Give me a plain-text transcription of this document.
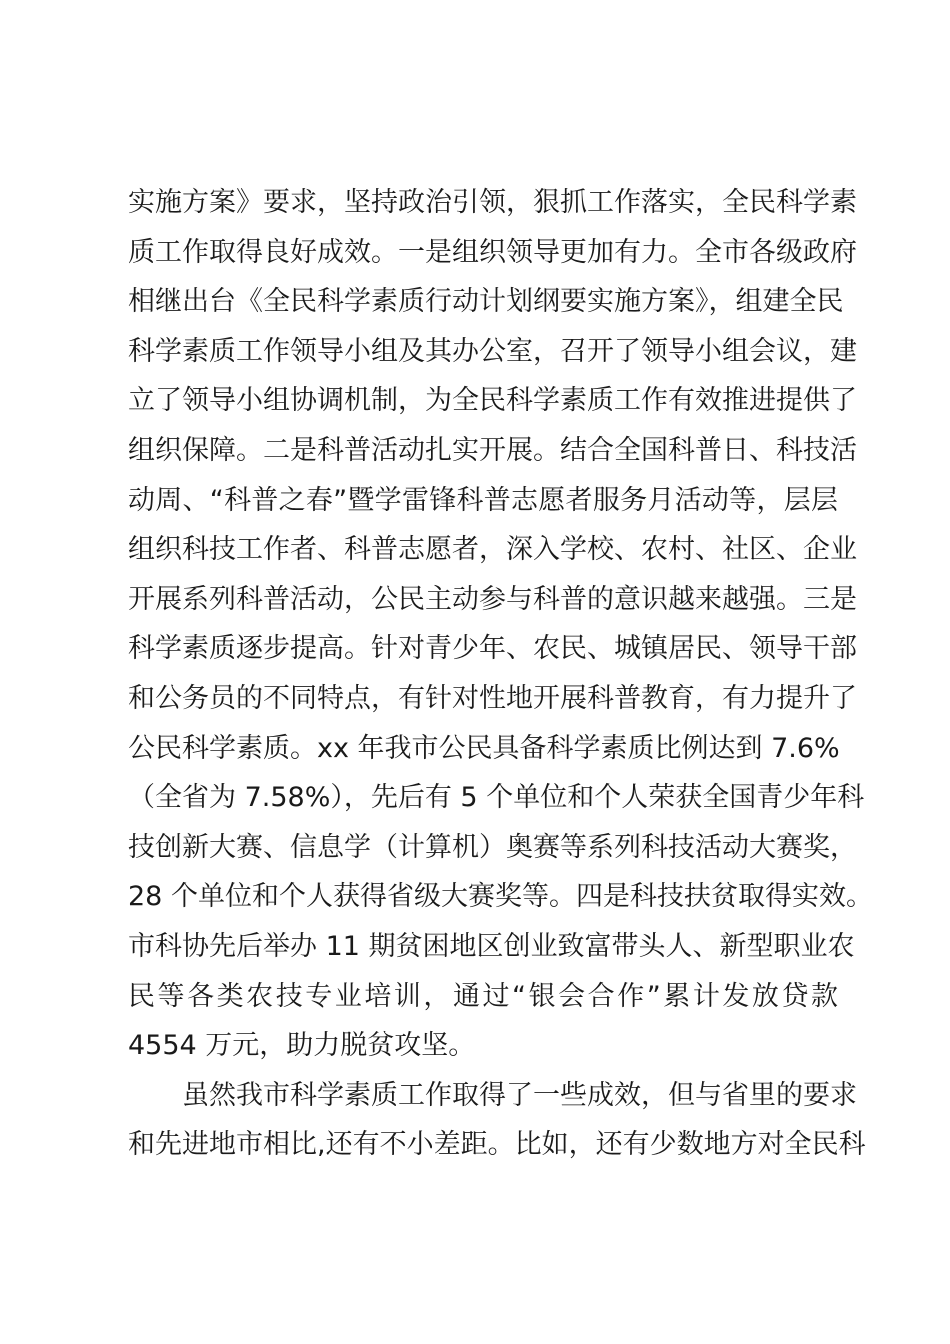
实施方案》要求，坚持政治引领，狠抓工作落实，全民科学素
质工作取得良好成效。一是组织领导更加有力。全市各级政府
相继出台《全民科学素质行动计划纲要实施方案》，组建全民
科学素质工作领导小组及其办公室，召开了领导小组会议，建
立了领导小组协调机制，为全民科学素质工作有效推进提供了
组织保障。二是科普活动扎实开展。结合全国科普日、科技活
动周、“科普之春”暨学雷锋科普志愿者服务月活动等，层层
组织科技工作者、科普志愿者，深入学校、农村、社区、企业
开展系列科普活动，公民主动参与科普的意识越来越强。三是
科学素质逐步提高。针对青少年、农民、城镇居民、领导干部
和公务员的不同特点，有针对性地开展科普教育，有力提升了
公民科学素质。xx 年我市公民具备科学素质比例达到 7.6%
（全省为 7.58%），先后有 5 个单位和个人荣获全国青少年科
技创新大赛、信息学（计算机）奥赛等系列科技活动大赛奖，
28 个单位和个人获得省级大赛奖等。四是科技扶贫取得实效。
市科协先后举办 11 期贫困地区创业致富带头人、新型职业农
民等各类农技专业培训，通过“银会合作”累计发放贷款
4554 万元，助力脱贫攻坚。
虽然我市科学素质工作取得了一些成效，但与省里的要求
和先进地市相比,还有不小差距。比如，还有少数地方对全民科
